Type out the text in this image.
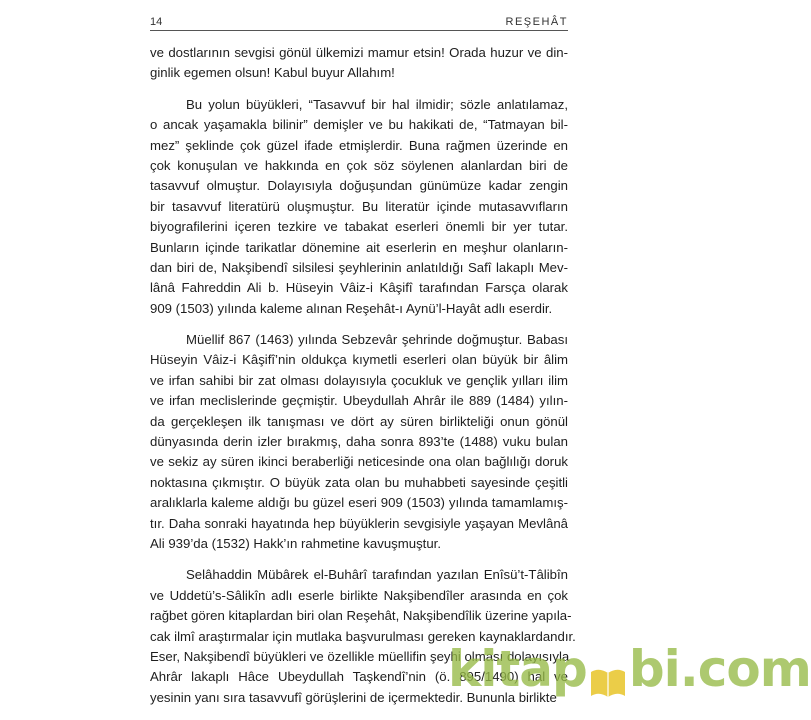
14	REŞEHÂT
ve dostlarının sevgisi gönül ülkemizi mamur etsin! Orada huzur ve din-
ginlik egemen olsun! Kabul buyur Allahım!
Bu yolun büyükleri, “Tasavvuf bir hal ilmidir; sözle anlatılamaz,
o ancak yaşamakla bilinir” demişler ve bu hakikati de, “Tatmayan bil-
mez” şeklinde çok güzel ifade etmişlerdir. Buna rağmen üzerinde en
çok konuşulan ve hakkında en çok söz söylenen alanlardan biri de
tasavvuf olmuştur. Dolayısıyla doğuşundan günümüze kadar zengin
bir tasavvuf literatürü oluşmuştur. Bu literatür içinde mutasavvıfların
biyografilerini içeren tezkire ve tabakat eserleri önemli bir yer tutar.
Bunların içinde tarikatlar dönemine ait eserlerin en meşhur olanların-
dan biri de, Nakşibendî silsilesi şeyhlerinin anlatıldığı Safî lakaplı Mev-
lânâ Fahreddin Ali b. Hüseyin Vâiz-i Kâşifî tarafından Farsça olarak
909 (1503) yılında kaleme alınan Reşehât-ı Aynü’l-Hayât adlı eserdir.
Müellif 867 (1463) yılında Sebzevâr şehrinde doğmuştur. Babası
Hüseyin Vâiz-i Kâşifî’nin oldukça kıymetli eserleri olan büyük bir âlim
ve irfan sahibi bir zat olması dolayısıyla çocukluk ve gençlik yılları ilim
ve irfan meclislerinde geçmiştir. Ubeydullah Ahrâr ile 889 (1484) yılın-
da gerçekleşen ilk tanışması ve dört ay süren birlikteliği onun gönül
dünyasında derin izler bırakmış, daha sonra 893’te (1488) vuku bulan
ve sekiz ay süren ikinci beraberliği neticesinde ona olan bağlılığı doruk
noktasına çıkmıştır. O büyük zata olan bu muhabbeti sayesinde çeşitli
aralıklarla kaleme aldığı bu güzel eseri 909 (1503) yılında tamamlamış-
tır. Daha sonraki hayatında hep büyüklerin sevgisiyle yaşayan Mevlânâ
Ali 939’da (1532) Hakk’ın rahmetine kavuşmuştur.
Selâhaddin Mübârek el-Buhârî tarafından yazılan Enîsü’t-Tâlibîn
ve Uddetü’s-Sâlikîn adlı eserle birlikte Nakşibendîler arasında en çok
rağbet gören kitaplardan biri olan Reşehât, Nakşibendîlik üzerine yapıla-
cak ilmî araştırmalar için mutlaka başvurulması gereken kaynaklardandır.
Eser, Nakşibendî büyükleri ve özellikle müellifin şeyhi olması dolayısıyla
Ahrâr lakaplı Hâce Ubeydullah Taşkendî’nin (ö. 895/1490) hal ve
yesinin yanı sıra tasavvufî görüşlerini de içermektedir. Bununla birlikte
kitap bi.com
